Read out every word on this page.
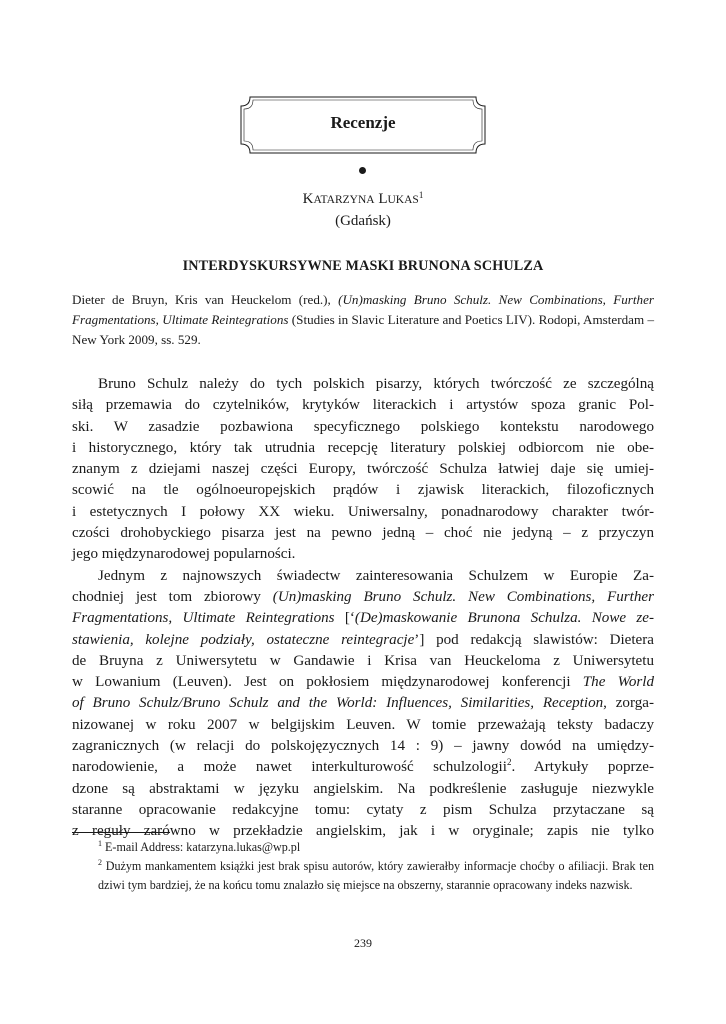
Recenzje
KATARZYNA LUKAS$^1$
(Gdańsk)
INTERDYSKURSYWNE MASKI BRUNONA SCHULZA
Dieter de Bruyn, Kris van Heuckelom (red.), (Un)masking Bruno Schulz. New Combinations, Further Fragmentations, Ultimate Reintegrations (Studies in Slavic Literature and Poetics LIV). Rodopi, Amsterdam – New York 2009, ss. 529.
Bruno Schulz należy do tych polskich pisarzy, których twórczość ze szczególną
siłą przemawia do czytelników, krytyków literackich i artystów spoza granic Pol-
ski. W zasadzie pozbawiona specyficznego polskiego kontekstu narodowego
i historycznego, który tak utrudnia recepcję literatury polskiej odbiorcom nie obe-
znanym z dziejami naszej części Europy, twórczość Schulza łatwiej daje się umiej-
scowić na tle ogólnoeuropejskich prądów i zjawisk literackich, filozoficznych
i estetycznych I połowy XX wieku. Uniwersalny, ponadnarodowy charakter twór-
czości drohobyckiego pisarza jest na pewno jedną – choć nie jedyną – z przyczyn
jego międzynarodowej popularności.
Jednym z najnowszych świadectw zainteresowania Schulzem w Europie Za-
chodniej jest tom zbiorowy (Un)masking Bruno Schulz. New Combinations, Further
Fragmentations, Ultimate Reintegrations [‘(De)maskowanie Brunona Schulza. Nowe ze-
stawienia, kolejne podziały, ostateczne reintegracje’] pod redakcją slawistów: Dietera
de Bruyna z Uniwersytetu w Gandawie i Krisa van Heuckeloma z Uniwersytetu
w Lowanium (Leuven). Jest on pokłosiem międzynarodowej konferencji The World
of Bruno Schulz/Bruno Schulz and the World: Influences, Similarities, Reception, zorga-
nizowanej w roku 2007 w belgijskim Leuven. W tomie przeważają teksty badaczy
zagranicznych (w relacji do polskojęzycznych 14 : 9) – jawny dowód na umiędzy-
narodowienie, a może nawet interkulturowość schulzologii$^2$. Artykuły poprze-
dzone są abstraktami w języku angielskim. Na podkreślenie zasługuje niezwykle
staranne opracowanie redakcyjne tomu: cytaty z pism Schulza przytaczane są
z reguły zarówno w przekładzie angielskim, jak i w oryginale; zapis nie tylko

$^1$ E-mail Address: katarzyna.lukas@wp.pl

$^2$ Dużym mankamentem książki jest brak spisu autorów, który zawierałby informacje choćby o afiliacji. Brak ten dziwi tym bardziej, że na końcu tomu znalazło się miejsce na obszerny, starannie opracowany indeks nazwisk.

239
